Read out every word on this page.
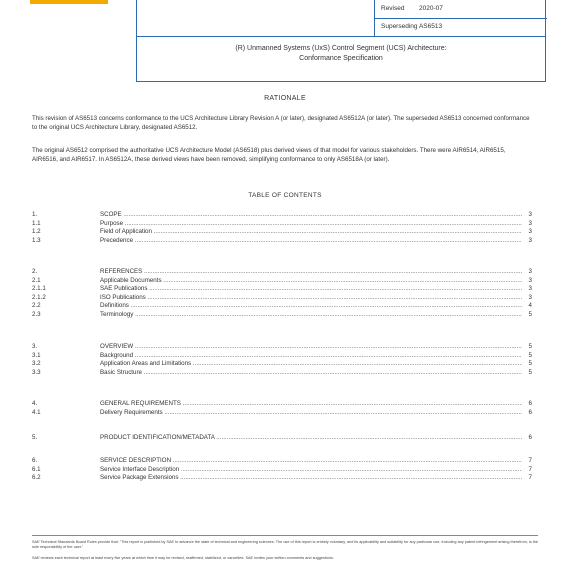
Revised 2020-07
Superseding AS6513
(R) Unmanned Systems (UxS) Control Segment (UCS) Architecture:
Conformance Specification
RATIONALE
This revision of AS6513 concerns conformance to the UCS Architecture Library Revision A (or later), designated AS6512A (or later). The superseded AS6513 concerned conformance to the original UCS Architecture Library, designated AS6512.
The original AS6512 comprised the authoritative UCS Architecture Model (AS6518) plus derived views of that model for various stakeholders. There were AIR6514, AIR6515, AIR6516, and AIR6517. In AS6512A, these derived views have been removed, simplifying conformance to only AS6518A (or later).
TABLE OF CONTENTS
1.	SCOPE .....	3
1.1	Purpose .....	3
1.2	Field of Application .....	3
1.3	Precedence .....	3
2.	REFERENCES .....	3
2.1	Applicable Documents .....	3
2.1.1	SAE Publications .....	3
2.1.2	ISO Publications .....	3
2.2	Definitions .....	4
2.3	Terminology .....	5
3.	OVERVIEW .....	5
3.1	Background .....	5
3.2	Application Areas and Limitations .....	5
3.3	Basic Structure .....	5
4.	GENERAL REQUIREMENTS .....	6
4.1	Delivery Requirements .....	6
5.	PRODUCT IDENTIFICATION/METADATA .....	6
6.	SERVICE DESCRIPTION .....	7
6.1	Service Interface Description .....	7
6.2	Service Package Extensions .....	7
SAE Technical Standards Board Rules provide that: "This report is published by SAE to advance the state of technical and engineering sciences. The use of this report is entirely voluntary, and its applicability and suitability for any particular use, including any patent infringement arising therefrom, is the sole responsibility of the user."
SAE reviews each technical report at least every five years at which time it may be revised, reaffirmed, stabilized, or cancelled. SAE invites your written comments and suggestions.
